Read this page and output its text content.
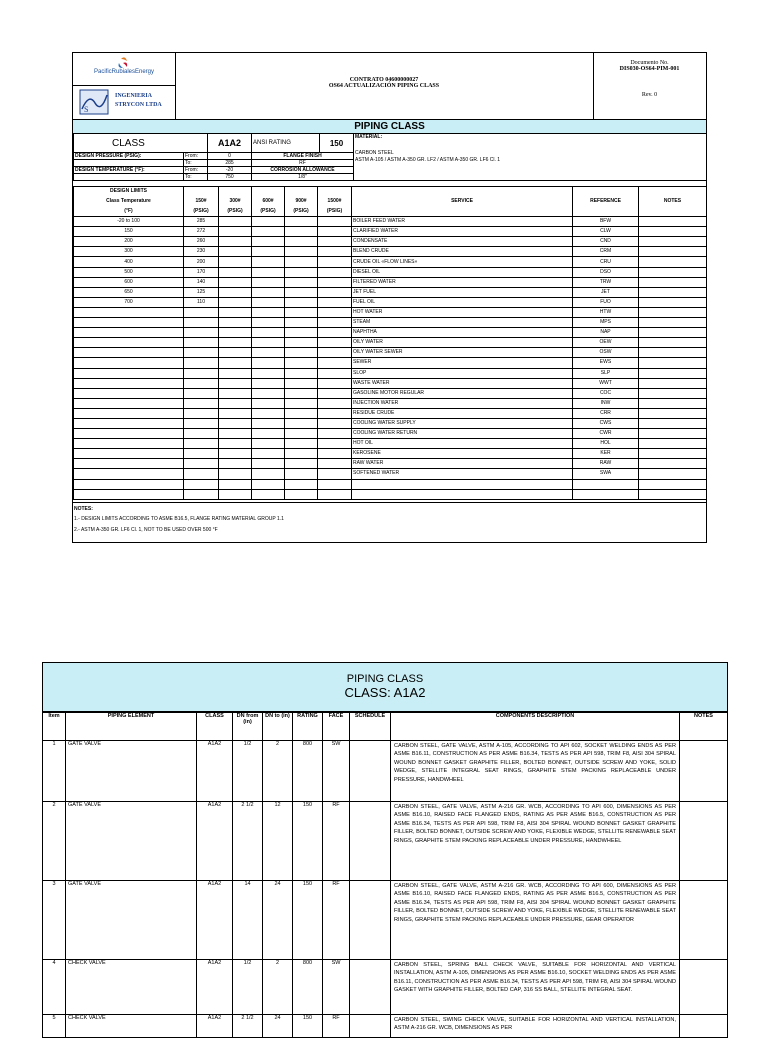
PacificRubialesEnergy
S
INGENIERIA
STRYCON LTDA
CONTRATO 04600000027
OS64 ACTUALIZACIÓN PIPING CLASS
Documento No.
DIS030-OS64-PIM-001
Rev. 0
PIPING CLASS
CLASS		A1A2	ANSI RATING	150	MATERIAL:
CARBON STEEL
ASTM A-105 / ASTM A-350 GR. LF2 / ASTM A-350 GR. LF6 Cl. 1

DESIGN PRESSURE (PSIG):	From:	0	FLANGE FINISH		
	To:	285	RF		
DESIGN TEMPERATURE (°F):	From:	-20	CORROSION ALLOWANCE		
	To:	750	1/8"		
DESIGN LIMITS						SERVICE	REFERENCE	NOTES
Class Temperature	150#	300#	600#	900#	1500#			
(°F)	(PSIG)	(PSIG)	(PSIG)	(PSIG)	(PSIG)			
-20 to 100	285					BOILER FEED WATER	BFW	
150	272					CLARIFIED WATER	CLW	
200	260					CONDENSATE	CND	
300	230					BLEND CRUDE	CRM	
400	200					CRUDE OIL «FLOW LINES»	CRU	
500	170					DIESEL OIL	DSO	
600	140					FILTERED WATER	TRW	
650	125					JET FUEL	JET	
700	110					FUEL OIL	FUO	
						HOT WATER	HTW	
						STEAM	MPS	
						NAPHTHA	NAP	
						OILY WATER	OEW	
						OILY WATER SEWER	OSW	
						SEWER	EWS	
						SLOP	SLP	
						WASTE WATER	WWT	
						GASOLINE MOTOR REGULAR	COC	
						INJECTION WATER	INW	
						RESIDUE CRUDE	CRR	
						COOLING WATER SUPPLY	CWS	
						COOLING WATER RETURN	CWR	
						HOT OIL	HOL	
						KEROSENE	KER	
						RAW WATER	RAW	
						SOFTENED WATER	SWA	

NOTES:
1.- DESIGN LIMITS ACCORDING TO ASME B16.5, FLANGE RATING MATERIAL GROUP 1.1
2.- ASTM A-350 GR. LF6 Cl. 1, NOT TO BE USED OVER 500 °F
PIPING CLASS
CLASS: A1A2
Item	PIPING ELEMENT	CLASS	DN from (in)	DN to (in)	RATING	FACE	SCHEDULE	COMPONENTS DESCRIPTION	NOTES
1	GATE VALVE	A1A2	1/2	2	800	SW		CARBON STEEL, GATE VALVE, ASTM A-105, ACCORDING TO API 602, SOCKET WELDING ENDS AS PER ASME B16.11, CONSTRUCTION AS PER ASME B16.34, TESTS AS PER API 598, TRIM F8, AISI 304 SPIRAL WOUND BONNET GASKET GRAPHITE FILLER, BOLTED BONNET, OUTSIDE SCREW AND YOKE, SOLID WEDGE, STELLITE INTEGRAL SEAT RINGS, GRAPHITE STEM PACKING REPLACEABLE UNDER PRESSURE, HANDWHEEL	
2	GATE VALVE	A1A2	2 1/2	12	150	RF		CARBON STEEL, GATE VALVE, ASTM A-216 GR. WCB, ACCORDING TO API 600, DIMENSIONS AS PER ASME B16.10, RAISED FACE FLANGED ENDS, RATING AS PER ASME B16.5, CONSTRUCTION AS PER ASME B16.34, TESTS AS PER API 598, TRIM F8, AISI 304 SPIRAL WOUND BONNET GASKET GRAPHITE FILLER, BOLTED BONNET, OUTSIDE SCREW AND YOKE, FLEXIBLE WEDGE, STELLITE RENEWABLE SEAT RINGS, GRAPHITE STEM PACKING REPLACEABLE UNDER PRESSURE, HANDWHEEL	
3	GATE VALVE	A1A2	14	24	150	RF		CARBON STEEL, GATE VALVE, ASTM A-216 GR. WCB, ACCORDING TO API 600, DIMENSIONS AS PER ASME B16.10, RAISED FACE FLANGED ENDS, RATING AS PER ASME B16.5, CONSTRUCTION AS PER ASME B16.34, TESTS AS PER API 598, TRIM F8, AISI 304 SPIRAL WOUND BONNET GASKET GRAPHITE FILLER, BOLTED BONNET, OUTSIDE SCREW AND YOKE, FLEXIBLE WEDGE, STELLITE RENEWABLE SEAT RINGS, GRAPHITE STEM PACKING REPLACEABLE UNDER PRESSURE, GEAR OPERATOR	
4	CHECK VALVE	A1A2	1/2	2	800	SW		CARBON STEEL, SPRING BALL CHECK VALVE, SUITABLE FOR HORIZONTAL AND VERTICAL INSTALLATION, ASTM A-105, DIMENSIONS AS PER ASME B16.10, SOCKET WELDING ENDS AS PER ASME B16.11, CONSTRUCTION AS PER ASME B16.34, TESTS AS PER API 598, TRIM F8, AISI 304 SPIRAL WOUND GASKET WITH GRAPHITE FILLER, BOLTED CAP, 316 SS BALL, STELLITE INTEGRAL SEAT.	
5	CHECK VALVE	A1A2	2 1/2	24	150	RF		CARBON STEEL, SWING CHECK VALVE, SUITABLE FOR HORIZONTAL AND VERTICAL INSTALLATION, ASTM A-216 GR. WCB, DIMENSIONS AS PER	
